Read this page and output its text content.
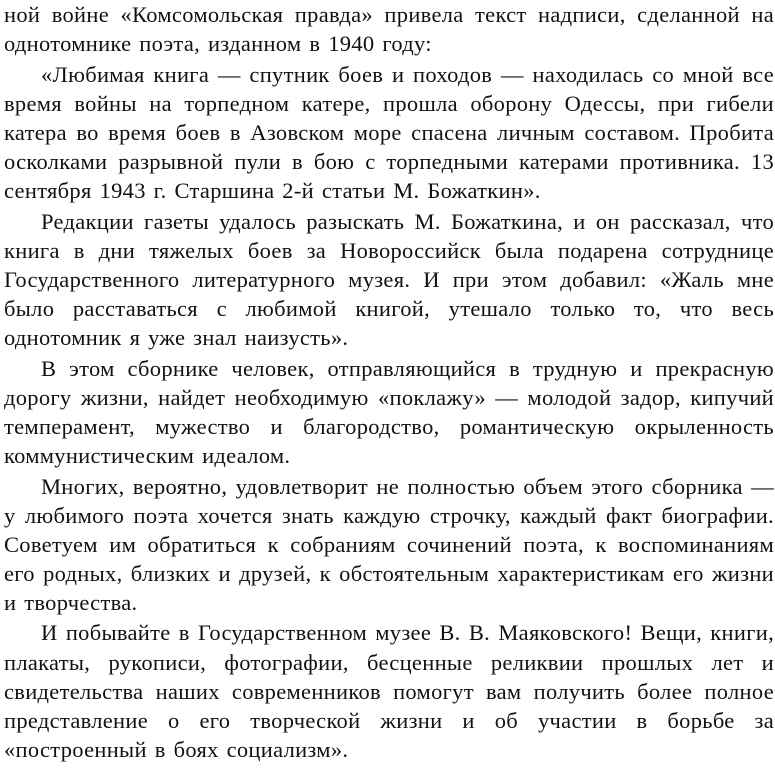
ной войне «Комсомольская правда» привела текст надписи, сделанной на однотомнике поэта, изданном в 1940 году:

«Любимая книга — спутник боев и походов — находилась со мной все время войны на торпедном катере, прошла оборону Одессы, при гибели катера во время боев в Азовском море спасена личным составом. Пробита осколками разрывной пули в бою с торпедными катерами противника. 13 сентября 1943 г. Старшина 2-й статьи М. Божаткин».

Редакции газеты удалось разыскать М. Божаткина, и он рассказал, что книга в дни тяжелых боев за Новороссийск была подарена сотруднице Государственного литературного музея. И при этом добавил: «Жаль мне было расставаться с любимой книгой, утешало только то, что весь однотомник я уже знал наизусть».

В этом сборнике человек, отправляющийся в трудную и прекрасную дорогу жизни, найдет необходимую «поклажу» — молодой задор, кипучий темперамент, мужество и благородство, романтическую окрыленность коммунистическим идеалом.

Многих, вероятно, удовлетворит не полностью объем этого сборника — у любимого поэта хочется знать каждую строчку, каждый факт биографии. Советуем им обратиться к собраниям сочинений поэта, к воспоминаниям его родных, близких и друзей, к обстоятельным характеристикам его жизни и творчества.

И побывайте в Государственном музее В. В. Маяковского! Вещи, книги, плакаты, рукописи, фотографии, бесценные реликвии прошлых лет и свидетельства наших современников помогут вам получить более полное представление о его творческой жизни и об участии в борьбе за «построенный в боях социализм».
